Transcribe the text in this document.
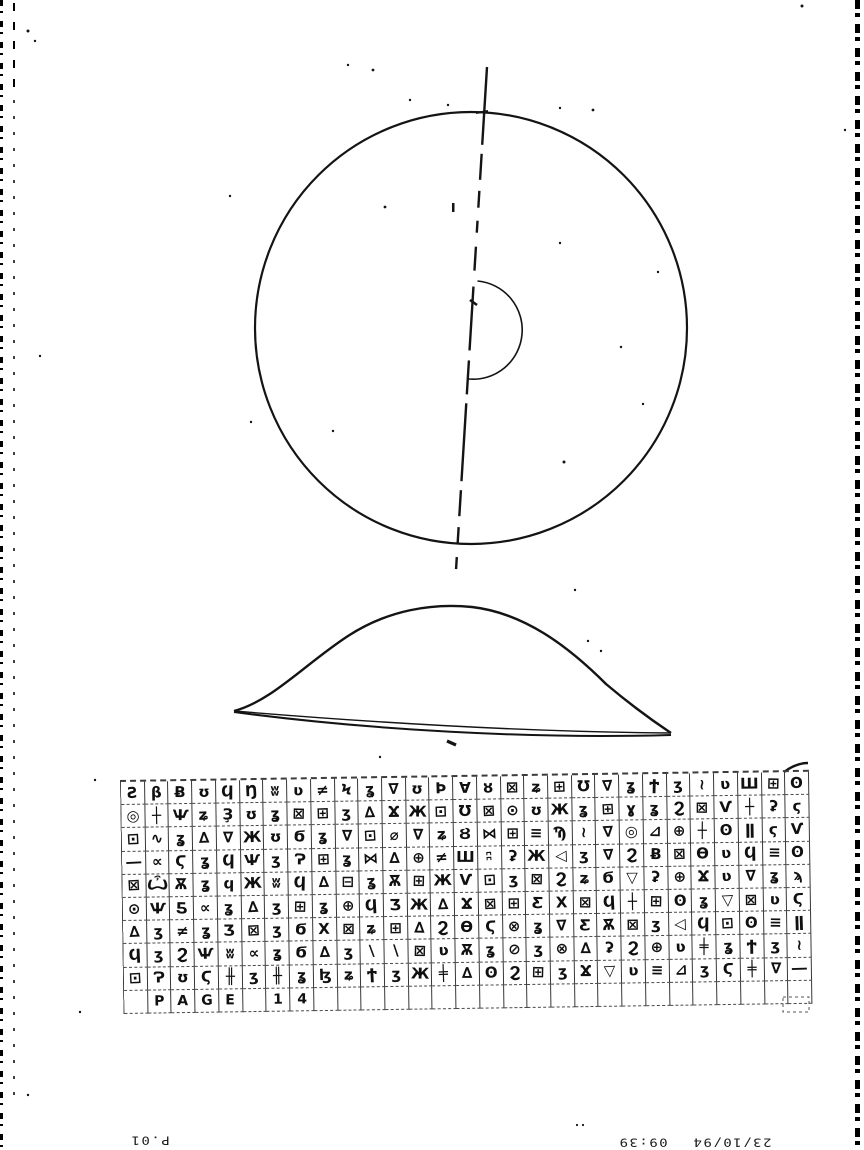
Ƨ β Ƀ ʊ Ϥ Ŋ ʬ ʋ ≠ Ϟ ʓ ∇ ʊ Þ ∀ ȣ ⊠ ʑ ⊞ Ʊ ∇ ʓ Ϯ ʒ ≀ ʋ Ш ⊞ ʘ
◎ ┼ Ѱ ʑ Ҙ ʊ ʓ ⊠ ⊞ ʒ ∆ Ϫ Ж ⊡ Ʊ ⊠ ⊙ ʊ Ж ʓ ⊞ ɣ ʓ Ϩ ⊠ Ѵ ┼ ʡ ϛ
⊡ ∿ ʓ ∆ ∇ Ж ʊ Ϭ ʓ ∇ ⊡ ⌀ ∇ ʑ Ȣ ⋈ ⊞ ≡ Ϡ ≀ ∇ ◎ ⊿ ⊕ ┼ ʘ ǁ ϛ Ѵ
― ∝ Ϛ ʓ Ϥ Ѱ ʒ Ɂ ⊞ ʓ ⋈ ∆ ⊕ ≠ Ш ʭ ʡ Ж ◁ ʒ ∇ Ϩ Ƀ ⊠ Ѳ ʋ Ϥ ≡ ʘ
⊠ Ѽ Ѫ ʓ ϥ Ж ʬ Ϥ ∆ ⊟ ʓ Ѫ ⊞ Ж Ѵ ⊡ ʒ ⊠ Ϩ ʑ Ϭ ▽ ʡ ⊕ Ϫ ʋ ∇ ʓ ϡ
⊙ Ѱ Ƽ ∝ ʓ ∆ ʒ ⊞ ʓ ⊕ Ϥ Ʒ Ж ∆ Ϫ ⊠ ⊞ Ƹ Х ⊠ Ϥ ┼ ⊞ ʘ ʓ ▽ ⊠ ʋ Ϛ
∆ ʒ ≠ ʓ Ʒ ⊠ ʒ Ϭ Х ⊠ ʑ ⊞ ∆ Ϩ Ѳ Ϛ ⊗ ʓ ∇ Ƹ Ѫ ⊠ ʒ ◁ Ϥ ⊡ ʘ ≡ ǁ
Ϥ ʒ Ϩ Ѱ ʬ ∝ ʓ Ϭ ∆ ʒ ∖ ∖ ⊠ ʋ Ѫ ʓ ⊘ ʒ ⊗ ∆ ʡ Ϩ ⊕ ʋ ╪ ʓ Ϯ ʒ ≀
⊡ Ɂ ʊ Ϛ ╫ ʒ ╫ ʓ ɮ ʑ Ϯ ʒ Ж ╪ ∆ ʘ Ϩ ⊞ ʒ Ϫ ▽ ʋ ≡ ⊿ ʒ Ϛ ╪ ∇ ―
P A G E	1 4
P.01	09:39 23/10/94
